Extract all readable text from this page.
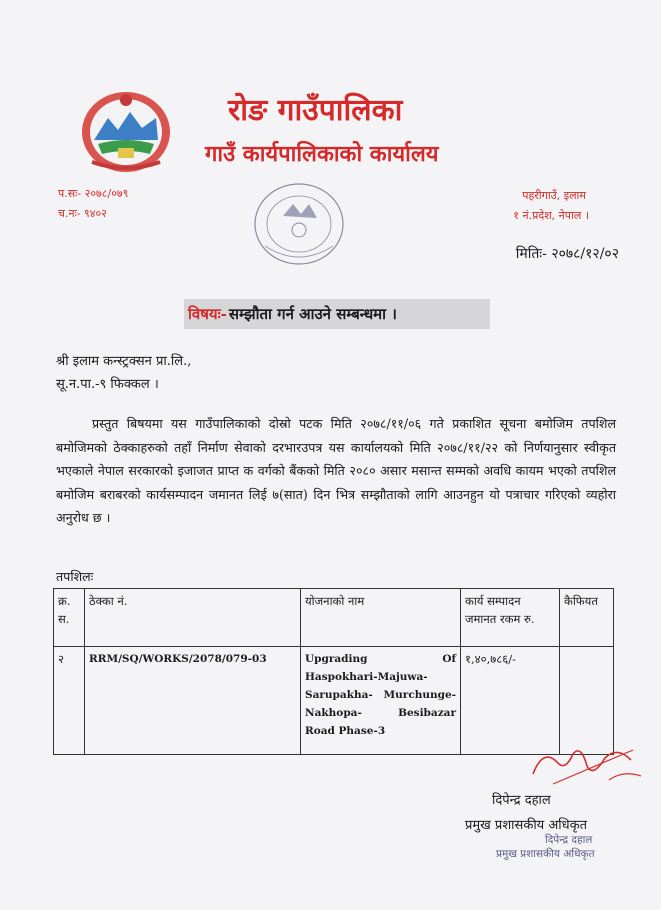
रोङ गाउँपालिका
गाउँ कार्यपालिकाको कार्यालय
प.सः- २०७८/०७९
च.नः- ९४०२
पहरीगाउँ, इलाम
१ नं.प्रदेश, नेपाल ।
मितिः- २०७८/१२/०२
विषयः- सम्झौता गर्न आउने सम्बन्धमा ।
श्री इलाम कन्स्ट्रक्सन प्रा.लि.,
सू.न.पा.-९ फिक्कल ।
प्रस्तुत बिषयमा यस गाउँपालिकाको दोस्रो पटक मिति २०७८/११/०६ गते प्रकाशित सूचना बमोजिम तपशिल बमोजिमको ठेक्काहरुको तहाँ निर्माण सेवाको दरभारउपत्र यस कार्यालयको मिति २०७८/११/२२ को निर्णयानुसार स्वीकृत भएकाले नेपाल सरकारको इजाजत प्राप्त क वर्गको बैंकको मिति २०८० असार मसान्त सम्मको अवधि कायम भएको तपशिल बमोजिम बराबरको कार्यसम्पादन जमानत लिई ७(सात) दिन भित्र सम्झौताको लागि आउनहुन यो पत्राचार गरिएको व्यहोरा अनुरोध छ ।
तपशिलः
क्र. स.	ठेक्का नं.	योजनाको नाम	कार्य सम्पादन जमानत रकम रु.	कैफियत
२	RRM/SQ/WORKS/2078/079-03	Upgrading Of Haspokhari-Majuwa-Sarupakha- Murchunge-Nakhopa- Besibazar Road Phase-3	१,४०,७८६/-	
दिपेन्द्र दहाल
प्रमुख प्रशासकीय अधिकृत
दिपेन्द्र दहाल
प्रमुख प्रशासकीय अधिकृत
